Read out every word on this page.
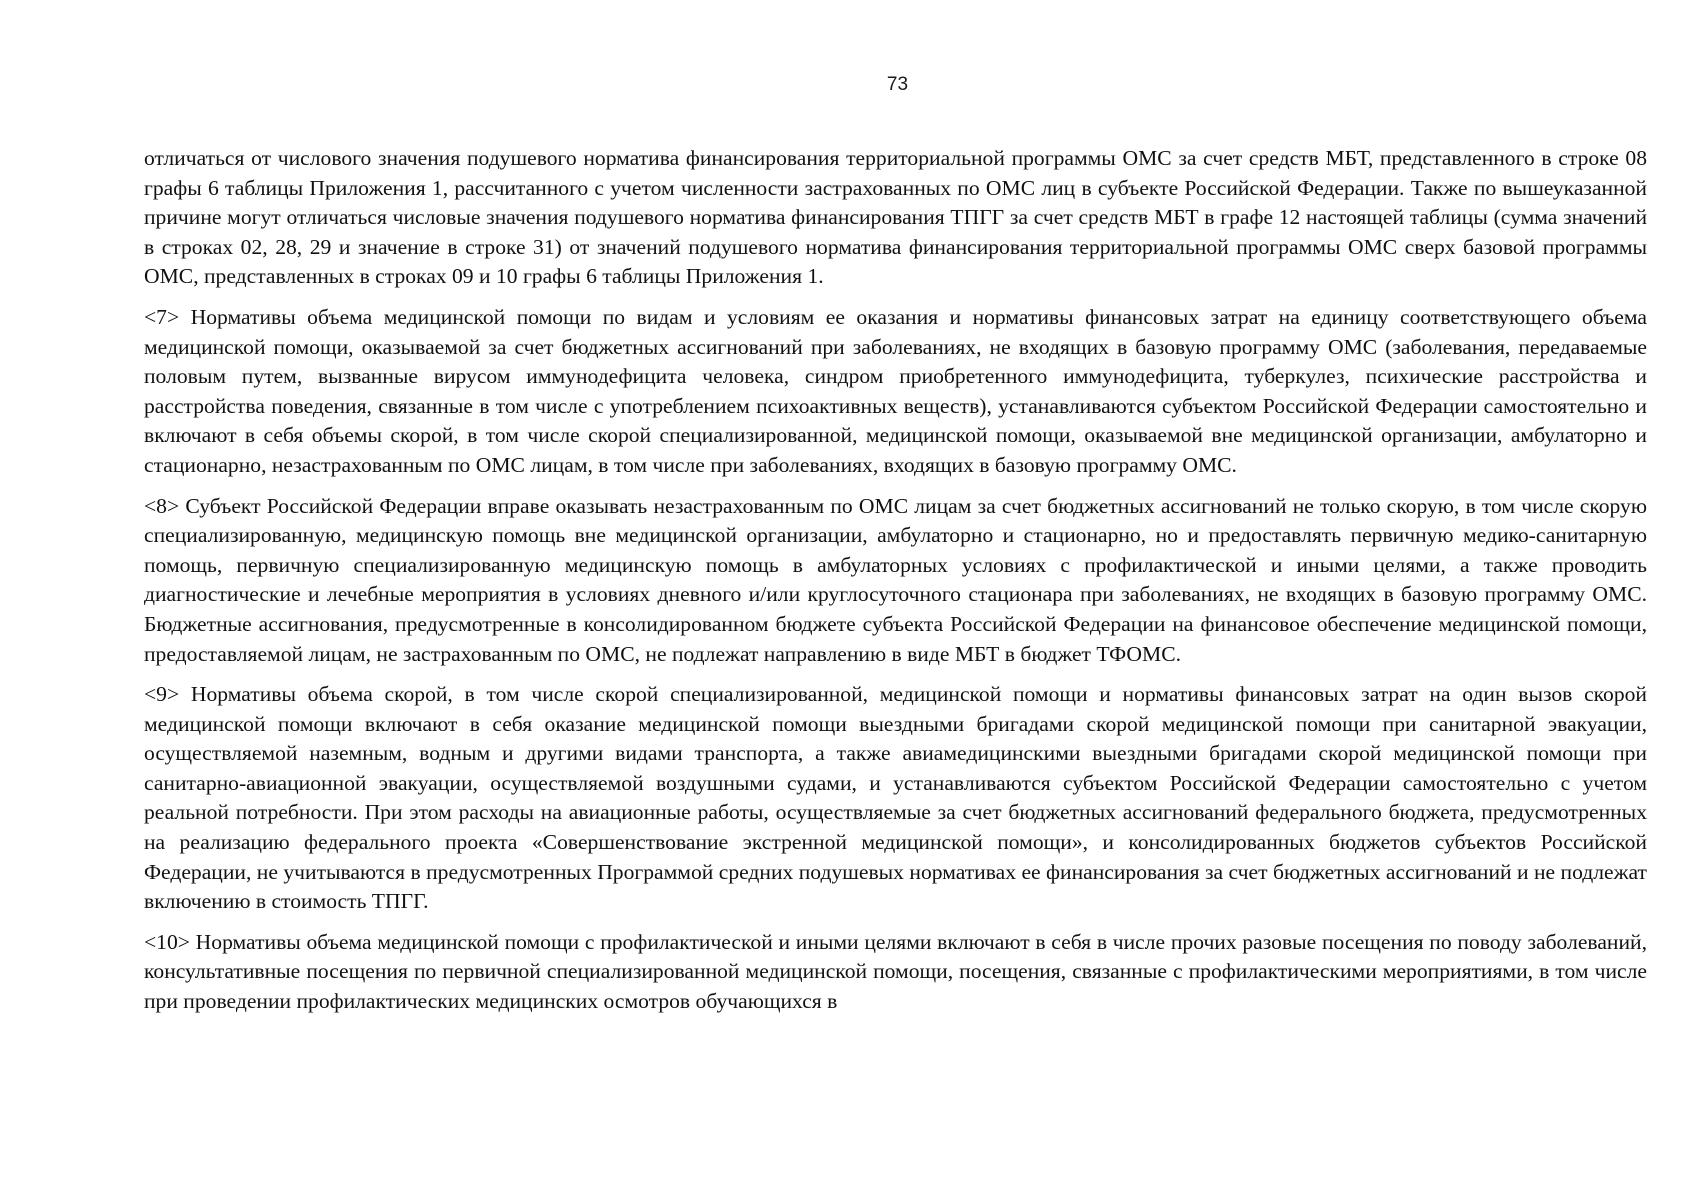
73

отличаться от числового значения подушевого норматива финансирования территориальной программы ОМС за счет средств МБТ, представленного в строке 08 графы 6 таблицы Приложения 1, рассчитанного с учетом численности застрахованных по ОМС лиц в субъекте Российской Федерации. Также по вышеуказанной причине могут отличаться числовые значения подушевого норматива финансирования ТПГГ за счет средств МБТ в графе 12 настоящей таблицы (сумма значений в строках 02, 28, 29 и значение в строке 31) от значений подушевого норматива финансирования территориальной программы ОМС сверх базовой программы ОМС, представленных в строках 09 и 10 графы 6 таблицы Приложения 1.

<7> Нормативы объема медицинской помощи по видам и условиям ее оказания и нормативы финансовых затрат на единицу соответствующего объема медицинской помощи, оказываемой за счет бюджетных ассигнований при заболеваниях, не входящих в базовую программу ОМС (заболевания, передаваемые половым путем, вызванные вирусом иммунодефицита человека, синдром приобретенного иммунодефицита, туберкулез, психические расстройства и расстройства поведения, связанные в том числе с употреблением психоактивных веществ), устанавливаются субъектом Российской Федерации самостоятельно и включают в себя объемы скорой, в том числе скорой специализированной, медицинской помощи, оказываемой вне медицинской организации, амбулаторно и стационарно, незастрахованным по ОМС лицам, в том числе при заболеваниях, входящих в базовую программу ОМС.

<8> Субъект Российской Федерации вправе оказывать незастрахованным по ОМС лицам за счет бюджетных ассигнований не только скорую, в том числе скорую специализированную, медицинскую помощь вне медицинской организации, амбулаторно и стационарно, но и предоставлять первичную медико-санитарную помощь, первичную специализированную медицинскую помощь в амбулаторных условиях с профилактической и иными целями, а также проводить диагностические и лечебные мероприятия в условиях дневного и/или круглосуточного стационара при заболеваниях, не входящих в базовую программу ОМС. Бюджетные ассигнования, предусмотренные в консолидированном бюджете субъекта Российской Федерации на финансовое обеспечение медицинской помощи, предоставляемой лицам, не застрахованным по ОМС, не подлежат направлению в виде МБТ в бюджет ТФОМС.

<9> Нормативы объема скорой, в том числе скорой специализированной, медицинской помощи и нормативы финансовых затрат на один вызов скорой медицинской помощи включают в себя оказание медицинской помощи выездными бригадами скорой медицинской помощи при санитарной эвакуации, осуществляемой наземным, водным и другими видами транспорта, а также авиамедицинскими выездными бригадами скорой медицинской помощи при санитарно-авиационной эвакуации, осуществляемой воздушными судами, и устанавливаются субъектом Российской Федерации самостоятельно с учетом реальной потребности. При этом расходы на авиационные работы, осуществляемые за счет бюджетных ассигнований федерального бюджета, предусмотренных на реализацию федерального проекта «Совершенствование экстренной медицинской помощи», и консолидированных бюджетов субъектов Российской Федерации, не учитываются в предусмотренных Программой средних подушевых нормативах ее финансирования за счет бюджетных ассигнований и не подлежат включению в стоимость ТПГГ.

<10> Нормативы объема медицинской помощи с профилактической и иными целями включают в себя в числе прочих разовые посещения по поводу заболеваний, консультативные посещения по первичной специализированной медицинской помощи, посещения, связанные с профилактическими мероприятиями, в том числе при проведении профилактических медицинских осмотров обучающихся в
